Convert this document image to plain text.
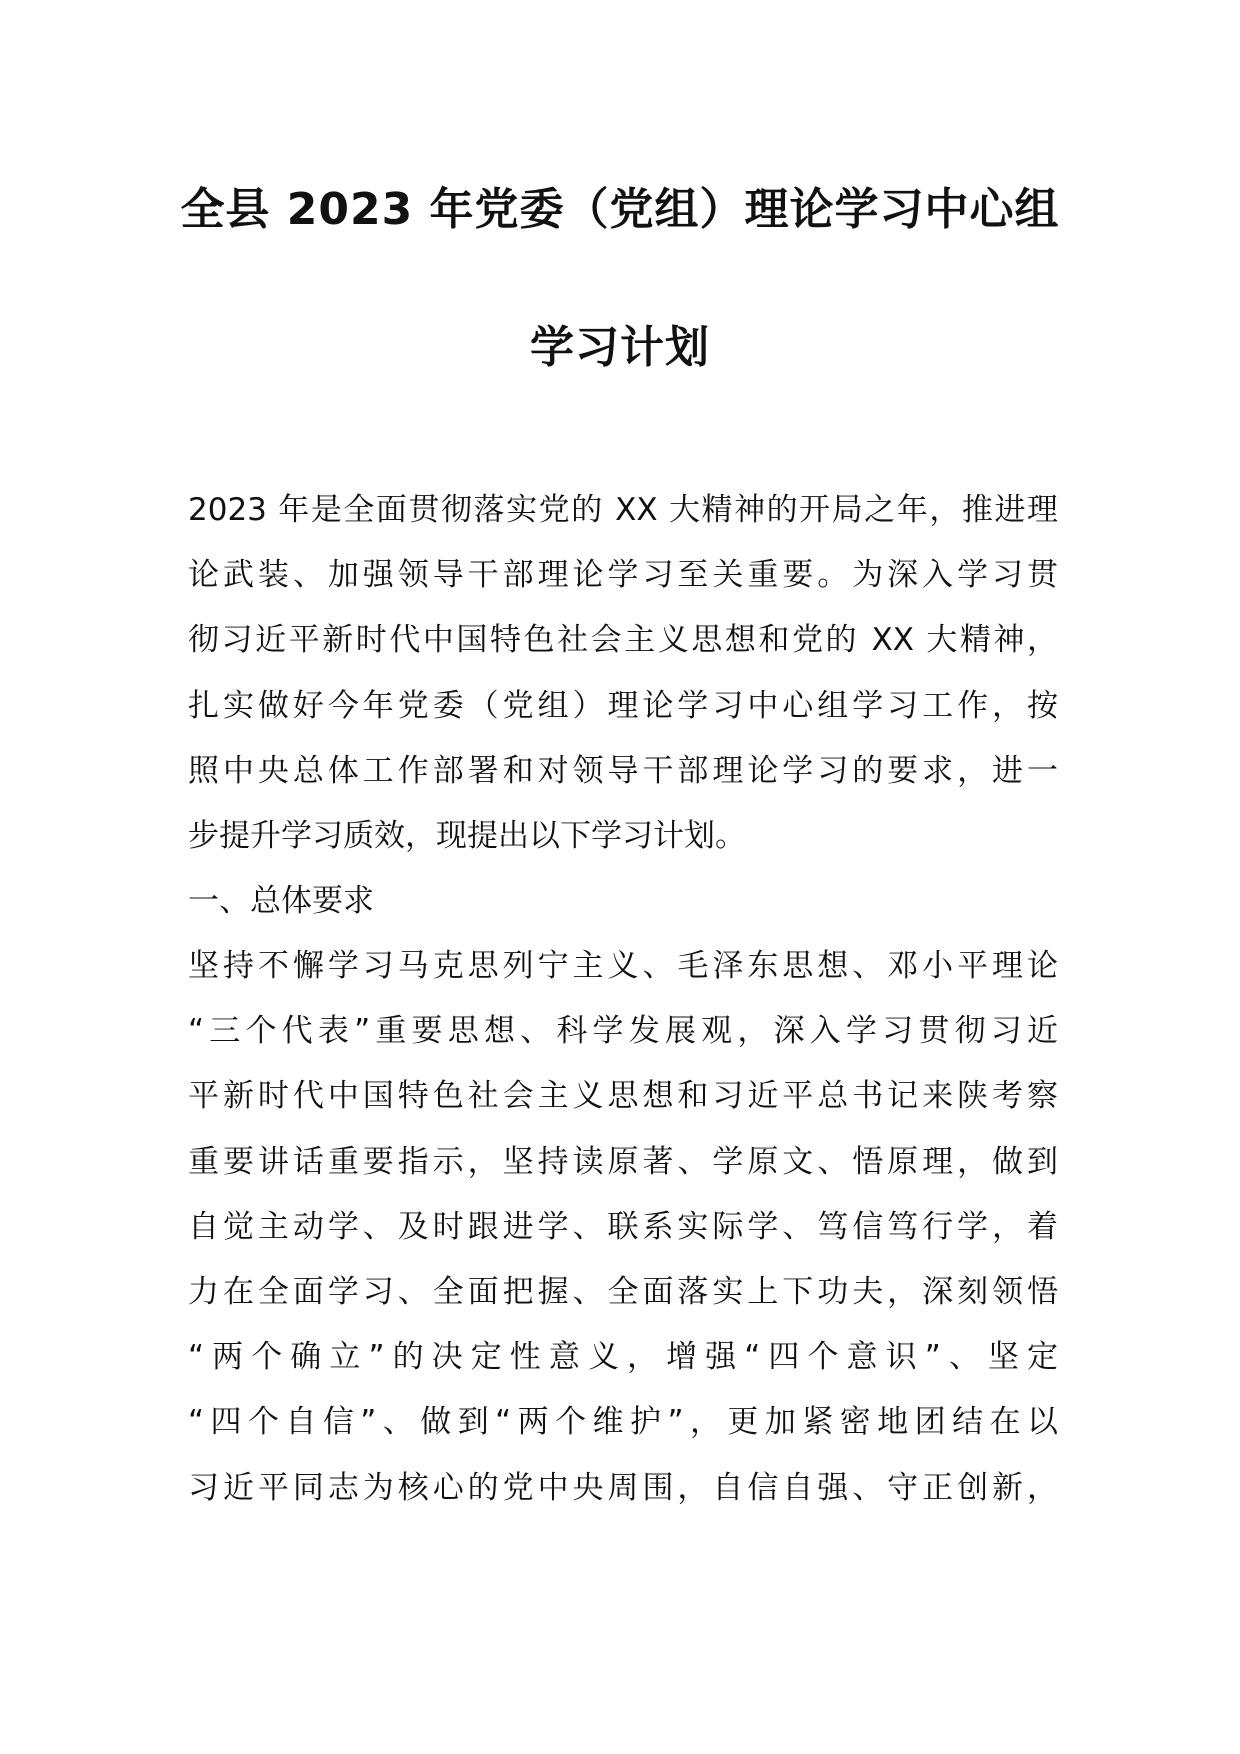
全县 2023 年党委（党组）理论学习中心组
学习计划
2023 年是全面贯彻落实党的 XX 大精神的开局之年，推进理
论武装、加强领导干部理论学习至关重要。为深入学习贯
彻习近平新时代中国特色社会主义思想和党的 XX 大精神，
扎实做好今年党委（党组）理论学习中心组学习工作，按
照中央总体工作部署和对领导干部理论学习的要求，进一
步提升学习质效，现提出以下学习计划。
一、总体要求
坚持不懈学习马克思列宁主义、毛泽东思想、邓小平理论
“三个代表”重要思想、科学发展观，深入学习贯彻习近
平新时代中国特色社会主义思想和习近平总书记来陕考察
重要讲话重要指示，坚持读原著、学原文、悟原理，做到
自觉主动学、及时跟进学、联系实际学、笃信笃行学，着
力在全面学习、全面把握、全面落实上下功夫，深刻领悟
“两个确立”的决定性意义，增强“四个意识”、坚定
“四个自信”、做到“两个维护”，更加紧密地团结在以
习近平同志为核心的党中央周围，自信自强、守正创新，
